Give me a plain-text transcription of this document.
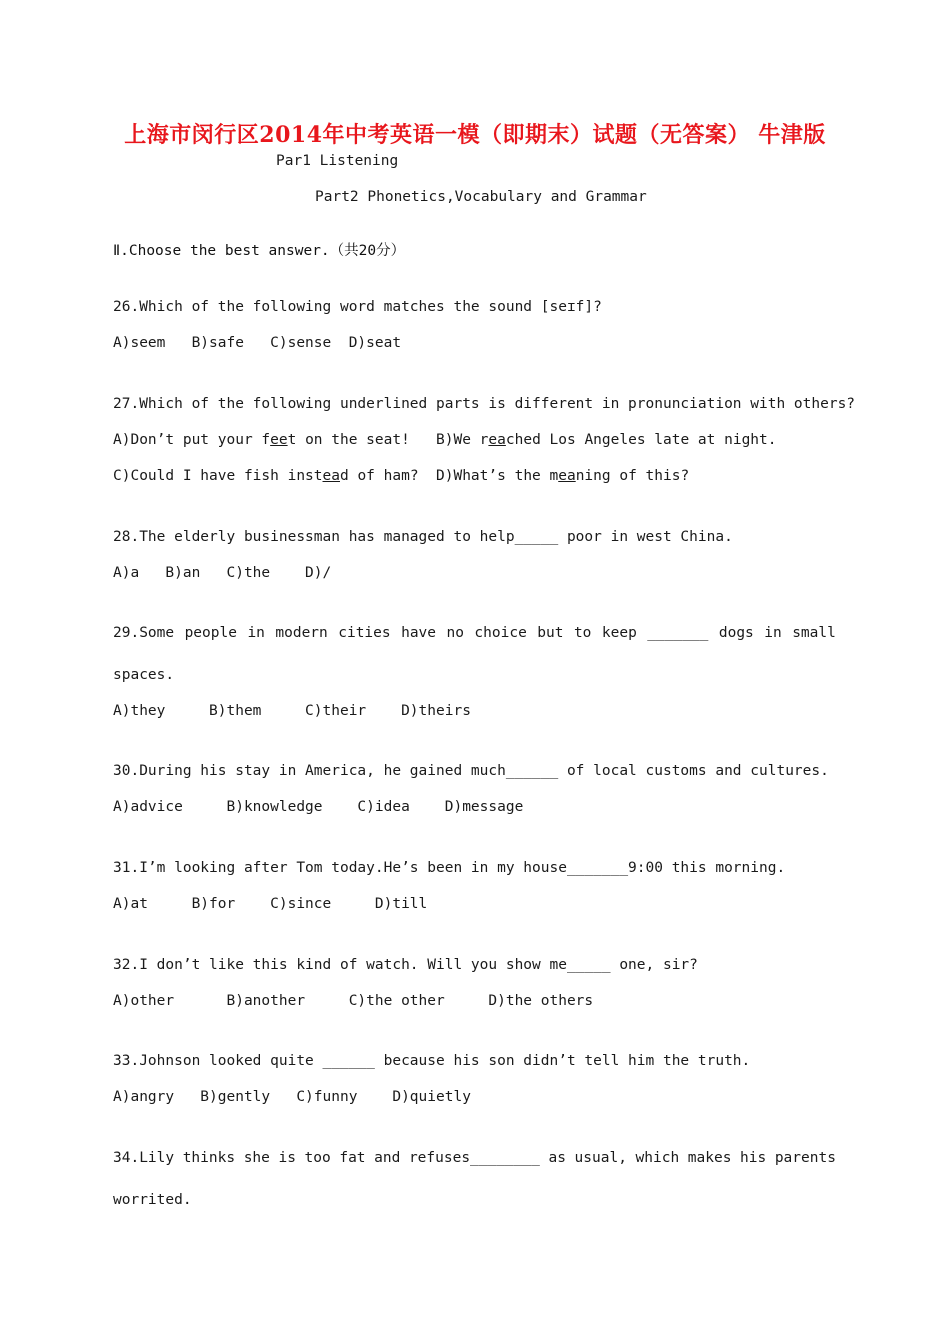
上海市闵行区2014年中考英语一模（即期末）试题（无答案） 牛津版
Par1 Listening
Part2 Phonetics,Vocabulary and Grammar
Ⅱ.Choose the best answer.（共20分）
26.Which of the following word matches the sound [seɪf]?
A)seem   B)safe   C)sense  D)seat
27.Which of the following underlined parts is different in pronunciation with others?
A)Don’t put your feet on the seat!   B)We reached Los Angeles late at night.
C)Could I have fish instead of ham?  D)What’s the meaning of this?
28.The elderly businessman has managed to help_____ poor in west China.
A)a   B)an   C)the    D)/
29.Some people in modern cities have no choice but to keep _______ dogs in small
spaces.
A)they     B)them     C)their    D)theirs
30.During his stay in America, he gained much______ of local customs and cultures.
A)advice     B)knowledge    C)idea    D)message
31.I’m looking after Tom today.He’s been in my house_______9:00 this morning.
A)at     B)for    C)since     D)till
32.I don’t like this kind of watch. Will you show me_____ one, sir?
A)other      B)another     C)the other     D)the others
33.Johnson looked quite ______ because his son didn’t tell him the truth.
A)angry   B)gently   C)funny    D)quietly
34.Lily thinks she is too fat and refuses________ as usual, which makes his parents
worrited.
